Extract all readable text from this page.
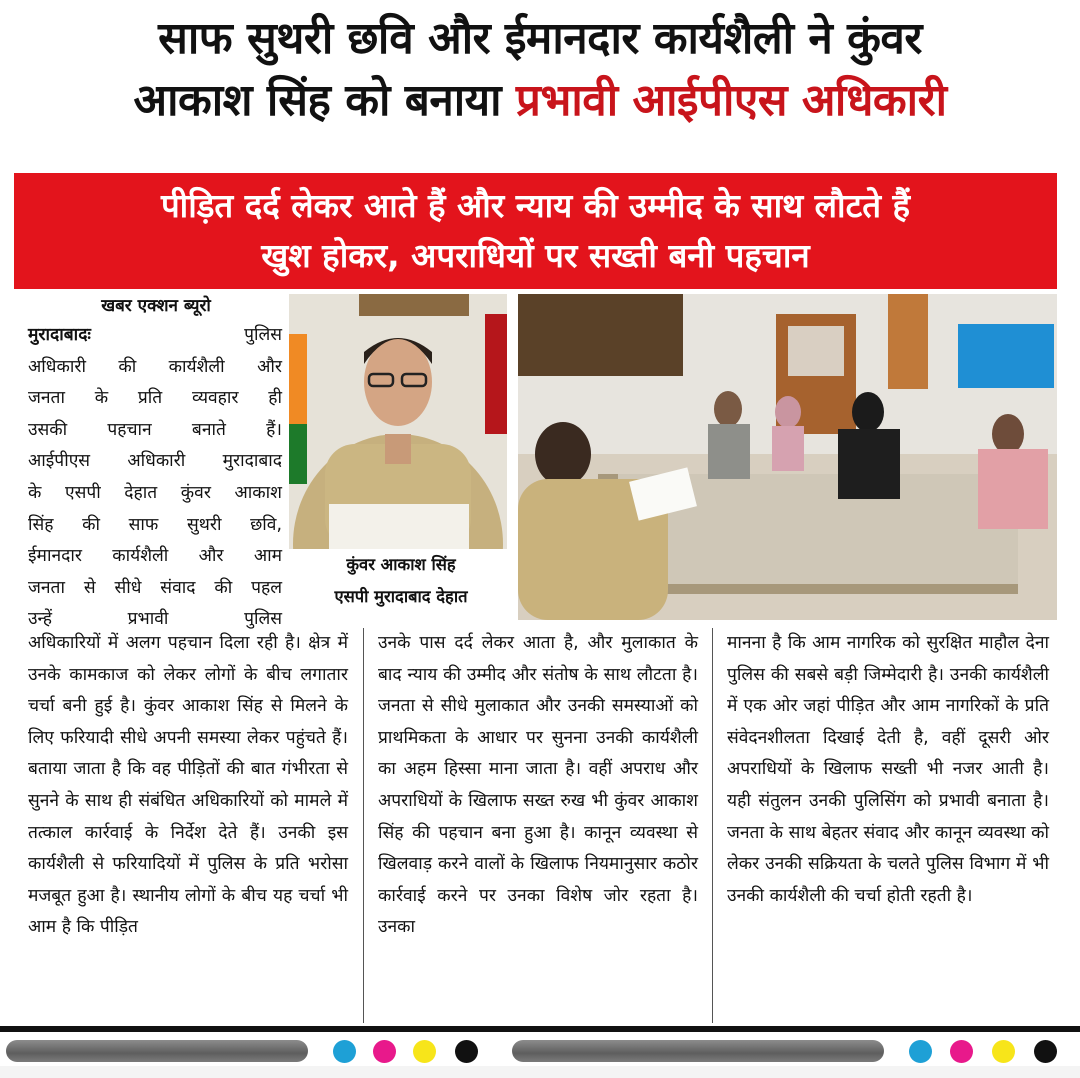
साफ सुथरी छवि और ईमानदार कार्यशैली ने कुंवर
आकाश सिंह को बनाया प्रभावी आईपीएस अधिकारी
पीड़ित दर्द लेकर आते हैं और न्याय की उम्मीद के साथ लौटते हैं
खुश होकर, अपराधियों पर सख्ती बनी पहचान
खबर एक्शन ब्यूरो
मुरादाबादः	पुलिस
अधिकारी की कार्यशैली और
जनता के प्रति व्यवहार ही
उसकी पहचान बनाते हैं।
आईपीएस अधिकारी मुरादाबाद
के एसपी देहात कुंवर आकाश
सिंह की साफ सुथरी छवि,
ईमानदार कार्यशैली और आम
जनता से सीधे संवाद की पहल
उन्हें प्रभावी पुलिस
कुंवर आकाश सिंह
एसपी मुरादाबाद देहात
अधिकारियों में अलग पहचान दिला रही है। क्षेत्र में उनके कामकाज को लेकर लोगों के बीच लगातार चर्चा बनी हुई है। कुंवर आकाश सिंह से मिलने के लिए फरियादी सीधे अपनी समस्या लेकर पहुंचते हैं। बताया जाता है कि वह पीड़ितों की बात गंभीरता से सुनने के साथ ही संबंधित अधिकारियों को मामले में तत्काल कार्रवाई के निर्देश देते हैं। उनकी इस कार्यशैली से फरियादियों में पुलिस के प्रति भरोसा मजबूत हुआ है। स्थानीय लोगों के बीच यह चर्चा भी आम है कि पीड़ित
उनके पास दर्द लेकर आता है, और मुलाकात के बाद न्याय की उम्मीद और संतोष के साथ लौटता है। जनता से सीधे मुलाकात और उनकी समस्याओं को प्राथमिकता के आधार पर सुनना उनकी कार्यशैली का अहम हिस्सा माना जाता है। वहीं अपराध और अपराधियों के खिलाफ सख्त रुख भी कुंवर आकाश सिंह की पहचान बना हुआ है। कानून व्यवस्था से खिलवाड़ करने वालों के खिलाफ नियमानुसार कठोर कार्रवाई करने पर उनका विशेष जोर रहता है। उनका
मानना है कि आम नागरिक को सुरक्षित माहौल देना पुलिस की सबसे बड़ी जिम्मेदारी है। उनकी कार्यशैली में एक ओर जहां पीड़ित और आम नागरिकों के प्रति संवेदनशीलता दिखाई देती है, वहीं दूसरी ओर अपराधियों के खिलाफ सख्ती भी नजर आती है। यही संतुलन उनकी पुलिसिंग को प्रभावी बनाता है। जनता के साथ बेहतर संवाद और कानून व्यवस्था को लेकर उनकी सक्रियता के चलते पुलिस विभाग में भी उनकी कार्यशैली की चर्चा होती रहती है।
